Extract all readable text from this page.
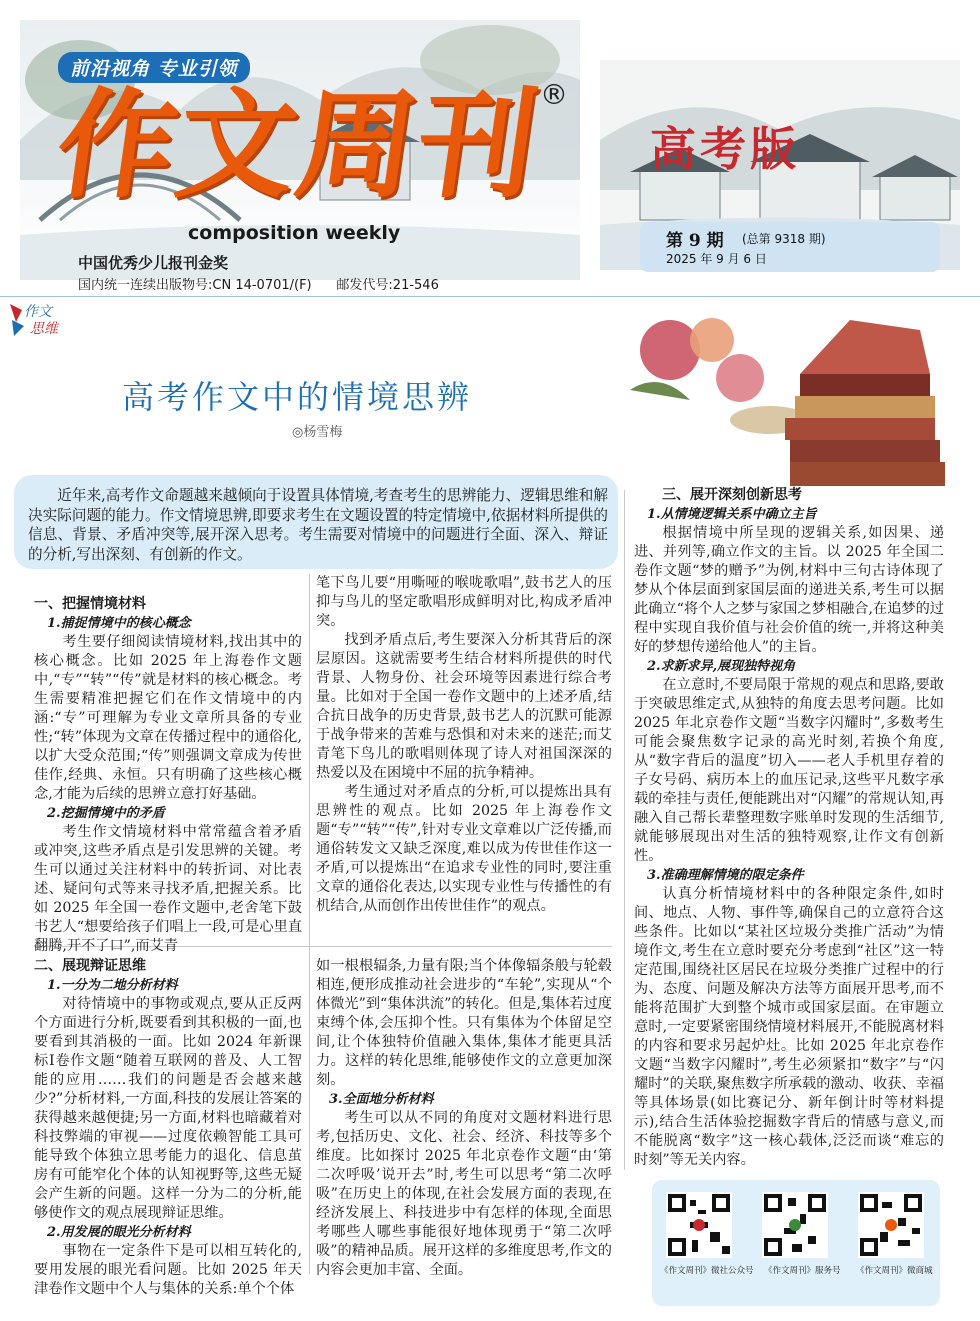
前沿视角 专业引领
作文周刊
®
composition weekly
中国优秀少儿报刊金奖
国内统一连续出版物号:CN 14-0701/(F)      邮发代号:21-546
高考版
第 9 期 (总第 9318 期)
2025 年 9 月 6 日
作文
思维
高考作文中的情境思辨
◎杨雪梅
近年来,高考作文命题越来越倾向于设置具体情境,考查考生的思辨能力、逻辑思维和解决实际问题的能力。作文情境思辨,即要求考生在文题设置的特定情境中,依据材料所提供的信息、背景、矛盾冲突等,展开深入思考。考生需要对情境中的问题进行全面、深入、辩证的分析,写出深刻、有创新的作文。
一、把握情境材料
1.捕捉情境中的核心概念

考生要仔细阅读情境材料,找出其中的核心概念。比如 2025 年上海卷作文题中,“专”“转”“传”就是材料的核心概念。考生需要精准把握它们在作文情境中的内涵:“专”可理解为专业文章所具备的专业性;“转”体现为文章在传播过程中的通俗化,以扩大受众范围;“传”则强调文章成为传世佳作,经典、永恒。只有明确了这些核心概念,才能为后续的思辨立意打好基础。

2.挖掘情境中的矛盾

考生作文情境材料中常常蕴含着矛盾或冲突,这些矛盾点是引发思辨的关键。考生可以通过关注材料中的转折词、对比表述、疑问句式等来寻找矛盾,把握关系。比如 2025 年全国一卷作文题中,老舍笔下鼓书艺人“想要给孩子们唱上一段,可是心里直翻腾,开不了口”,而艾青

二、展现辩证思维
1.一分为二地分析材料

对待情境中的事物或观点,要从正反两个方面进行分析,既要看到其积极的一面,也要看到其消极的一面。比如 2024 年新课标Ⅰ卷作文题“随着互联网的普及、人工智能的应用……我们的问题是否会越来越少?”分析材料,一方面,科技的发展让答案的获得越来越便捷;另一方面,材料也暗藏着对科技弊端的审视——过度依赖智能工具可能导致个体独立思考能力的退化、信息茧房有可能窄化个体的认知视野等,这些无疑会产生新的问题。这样一分为二的分析,能够使作文的观点展现辩证思维。

2.用发展的眼光分析材料

事物在一定条件下是可以相互转化的,要用发展的眼光看问题。比如 2025 年天津卷作文题中个人与集体的关系:单个个体

笔下鸟儿要“用嘶哑的喉咙歌唱”,鼓书艺人的压抑与鸟儿的坚定歌唱形成鲜明对比,构成矛盾冲突。

找到矛盾点后,考生要深入分析其背后的深层原因。这就需要考生结合材料所提供的时代背景、人物身份、社会环境等因素进行综合考量。比如对于全国一卷作文题中的上述矛盾,结合抗日战争的历史背景,鼓书艺人的沉默可能源于战争带来的苦难与恐惧和对未来的迷茫;而艾青笔下鸟儿的歌唱则体现了诗人对祖国深深的热爱以及在困境中不屈的抗争精神。

考生通过对矛盾点的分析,可以提炼出具有思辨性的观点。比如 2025 年上海卷作文题“专”“转”“传”,针对专业文章难以广泛传播,而通俗转发文又缺乏深度,难以成为传世佳作这一矛盾,可以提炼出“在追求专业性的同时,要注重文章的通俗化表达,以实现专业性与传播性的有机结合,从而创作出传世佳作”的观点。

如一根根辐条,力量有限;当个体像辐条般与轮毂相连,便形成推动社会进步的“车轮”,实现从“个体微光”到“集体洪流”的转化。但是,集体若过度束缚个体,会压抑个性。只有集体为个体留足空间,让个体独特价值融入集体,集体才能更具活力。这样的转化思维,能够使作文的立意更加深刻。

3.全面地分析材料

考生可以从不同的角度对文题材料进行思考,包括历史、文化、社会、经济、科技等多个维度。比如探讨 2025 年北京卷作文题“由‘第二次呼吸’说开去”时,考生可以思考“第二次呼吸”在历史上的体现,在社会发展方面的表现,在经济发展上、科技进步中有怎样的体现,全面思考哪些人哪些事能很好地体现勇于“第二次呼吸”的精神品质。展开这样的多维度思考,作文的内容会更加丰富、全面。

三、展开深刻创新思考
1.从情境逻辑关系中确立主旨

根据情境中所呈现的逻辑关系,如因果、递进、并列等,确立作文的主旨。以 2025 年全国二卷作文题“梦的赠予”为例,材料中三句古诗体现了梦从个体层面到家国层面的递进关系,考生可以据此确立“将个人之梦与家国之梦相融合,在追梦的过程中实现自我价值与社会价值的统一,并将这种美好的梦想传递给他人”的主旨。

2.求新求异,展现独特视角

在立意时,不要局限于常规的观点和思路,要敢于突破思维定式,从独特的角度去思考问题。比如 2025 年北京卷作文题“当数字闪耀时”,多数考生可能会聚焦数字记录的高光时刻,若换个角度,从“数字背后的温度”切入——老人手机里存着的子女号码、病历本上的血压记录,这些平凡数字承载的牵挂与责任,便能跳出对“闪耀”的常规认知,再融入自己帮长辈整理数字账单时发现的生活细节,就能够展现出对生活的独特观察,让作文有创新性。

3.准确理解情境的限定条件

认真分析情境材料中的各种限定条件,如时间、地点、人物、事件等,确保自己的立意符合这些条件。比如以“某社区垃圾分类推广活动”为情境作文,考生在立意时要充分考虑到“社区”这一特定范围,围绕社区居民在垃圾分类推广过程中的行为、态度、问题及解决方法等方面展开思考,而不能将范围扩大到整个城市或国家层面。在审题立意时,一定要紧密围绕情境材料展开,不能脱离材料的内容和要求另起炉灶。比如 2025 年北京卷作文题“当数字闪耀时”,考生必须紧扣“数字”与“闪耀时”的关联,聚焦数字所承载的激动、收获、幸福等具体场景(如比赛记分、新年倒计时等材料提示),结合生活体验挖掘数字背后的情感与意义,而不能脱离“数字”这一核心载体,泛泛而谈“难忘的时刻”等无关内容。

《作文周刊》微社公众号 《作文周刊》服务号 《作文周刊》微商城
